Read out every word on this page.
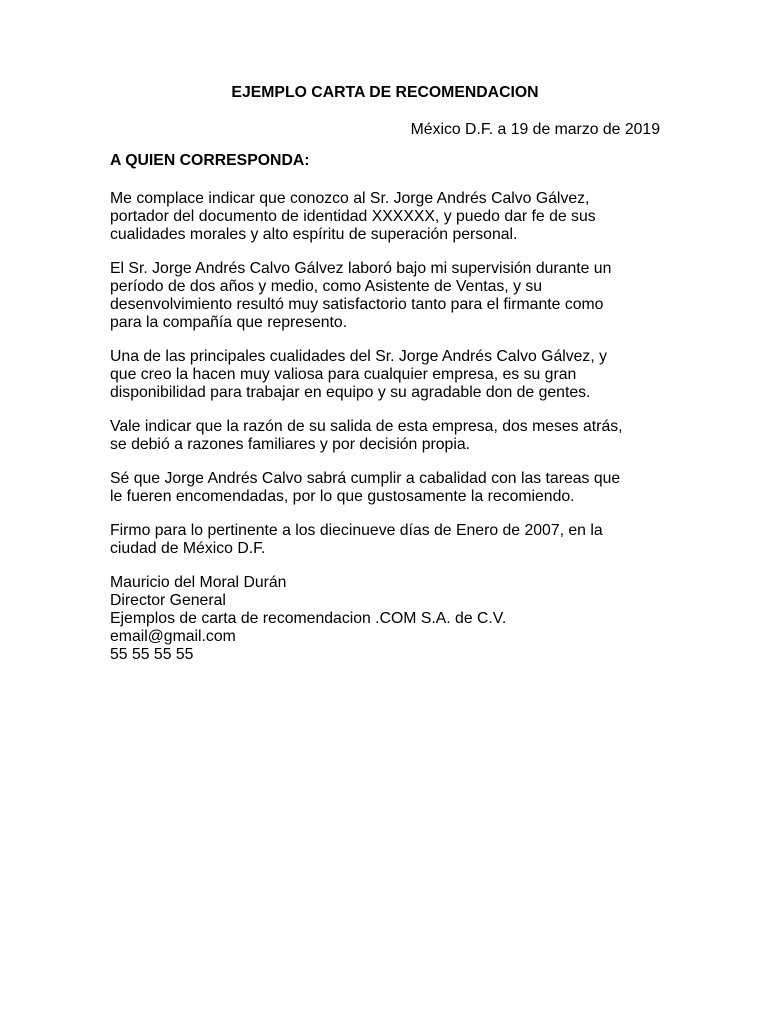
EJEMPLO CARTA DE RECOMENDACION
México D.F. a 19 de marzo de 2019
A QUIEN CORRESPONDA:
Me complace indicar que conozco al Sr. Jorge Andrés Calvo Gálvez,
portador del documento de identidad XXXXXX, y puedo dar fe de sus
cualidades morales y alto espíritu de superación personal.
El Sr. Jorge Andrés Calvo Gálvez laboró bajo mi supervisión durante un
período de dos años y medio, como Asistente de Ventas, y su
desenvolvimiento resultó muy satisfactorio tanto para el firmante como
para la compañía que represento.
Una de las principales cualidades del Sr. Jorge Andrés Calvo Gálvez, y
que creo la hacen muy valiosa para cualquier empresa, es su gran
disponibilidad para trabajar en equipo y su agradable don de gentes.
Vale indicar que la razón de su salida de esta empresa, dos meses atrás,
se debió a razones familiares y por decisión propia.
Sé que Jorge Andrés Calvo sabrá cumplir a cabalidad con las tareas que
le fueren encomendadas, por lo que gustosamente la recomiendo.
Firmo para lo pertinente a los diecinueve días de Enero de 2007, en la
ciudad de México D.F.
Mauricio del Moral Durán
Director General
Ejemplos de carta de recomendacion .COM S.A. de C.V.
email@gmail.com
55 55 55 55
